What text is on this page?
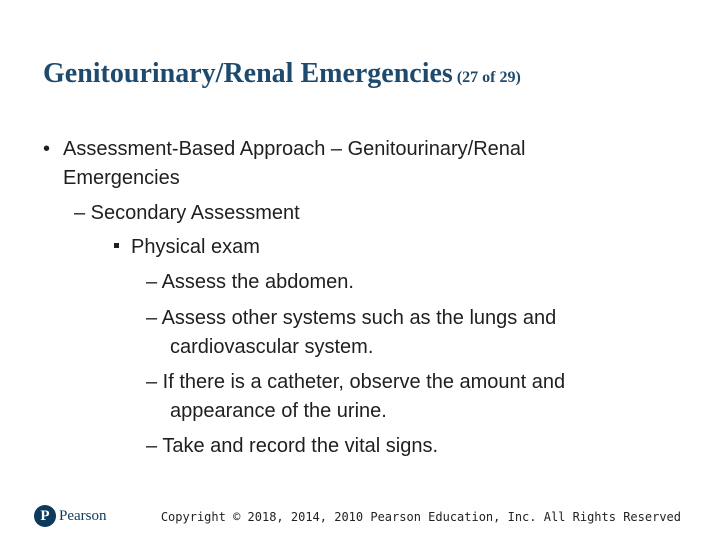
Genitourinary/Renal Emergencies (27 of 29)
• Assessment-Based Approach – Genitourinary/Renal
Emergencies
– Secondary Assessment
Physical exam
– Assess the abdomen.
– Assess other systems such as the lungs and
cardiovascular system.
– If there is a catheter, observe the amount and
appearance of the urine.
– Take and record the vital signs.
P Pearson	Copyright © 2018, 2014, 2010 Pearson Education, Inc. All Rights Reserved
